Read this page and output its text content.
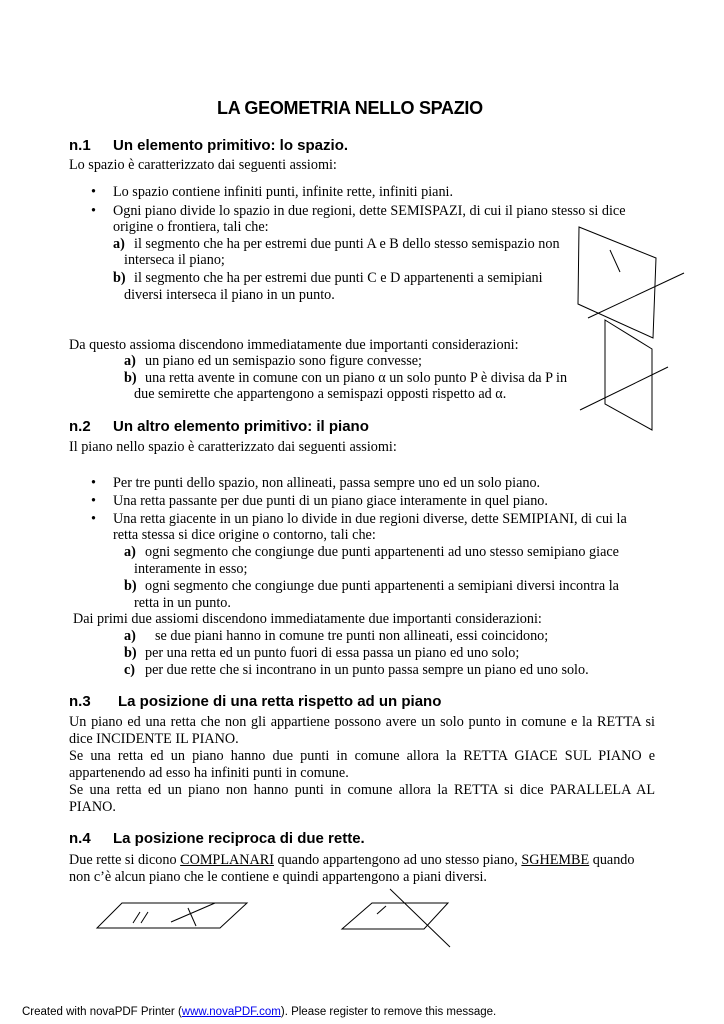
LA GEOMETRIA NELLO SPAZIO
n.1 Un elemento primitivo: lo spazio.
Lo spazio è caratterizzato dai seguenti assiomi:
• Lo spazio contiene infiniti punti, infinite rette, infiniti piani.
• Ogni piano divide lo spazio in due regioni, dette SEMISPAZI, di cui il piano stesso si dice
origine o frontiera, tali che:
a) il segmento che ha per estremi due punti A e B dello stesso semispazio non
interseca il piano;
b) il segmento che ha per estremi due punti C e D appartenenti a semipiani
diversi interseca il piano in un punto.
Da questo assioma discendono immediatamente due importanti considerazioni:
a) un piano ed un semispazio sono figure convesse;
b) una retta avente in comune con un piano α un solo punto P è divisa da P in
due semirette che appartengono a semispazi opposti rispetto ad α.
n.2 Un altro elemento primitivo: il piano
Il piano nello spazio è caratterizzato dai seguenti assiomi:
• Per tre punti dello spazio, non allineati, passa sempre uno ed un solo piano.
• Una retta passante per due punti di un piano giace interamente in quel piano.
• Una retta giacente in un piano lo divide in due regioni diverse, dette SEMIPIANI, di cui la
retta stessa si dice origine o contorno, tali che:
a) ogni segmento che congiunge due punti appartenenti ad uno stesso semipiano giace
interamente in esso;
b) ogni segmento che congiunge due punti appartenenti a semipiani diversi incontra la
retta in un punto.
Dai primi due assiomi discendono immediatamente due importanti considerazioni:
a) se due piani hanno in comune tre punti non allineati, essi coincidono;
b) per una retta ed un punto fuori di essa passa un piano ed uno solo;
c) per due rette che si incontrano in un punto passa sempre un piano ed uno solo.
n.3 La posizione di una retta rispetto ad un piano
Un piano ed una retta che non gli appartiene possono avere un solo punto in comune e la RETTA si
dice INCIDENTE IL PIANO.
Se una retta ed un piano hanno due punti in comune allora la RETTA GIACE SUL PIANO e
appartenendo ad esso ha infiniti punti in comune.
Se una retta ed un piano non hanno punti in comune allora la RETTA si dice PARALLELA AL
PIANO.
n.4 La posizione reciproca di due rette.
Due rette si dicono COMPLANARI quando appartengono ad uno stesso piano, SGHEMBE quando
non c’è alcun piano che le contiene e quindi appartengono a piani diversi.
Created with novaPDF Printer (www.novaPDF.com). Please register to remove this message.
